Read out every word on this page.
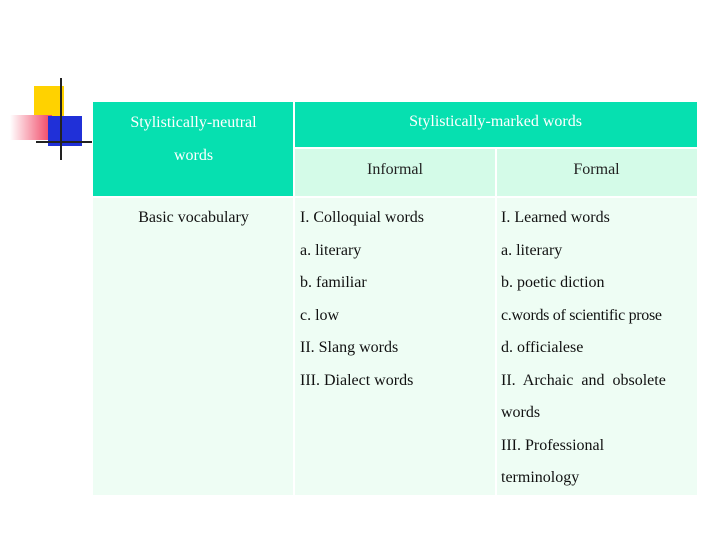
Stylistically-neutral
words
Stylistically-marked words
Informal	Formal
Basic vocabulary	I. Colloquial words
a. literary
b. familiar
c. low
II. Slang words
III. Dialect words
I. Learned words
a. literary
b. poetic diction
c.words of scientific prose
d. officialese
II.  Archaic  and  obsolete
words
III. Professional
terminology
